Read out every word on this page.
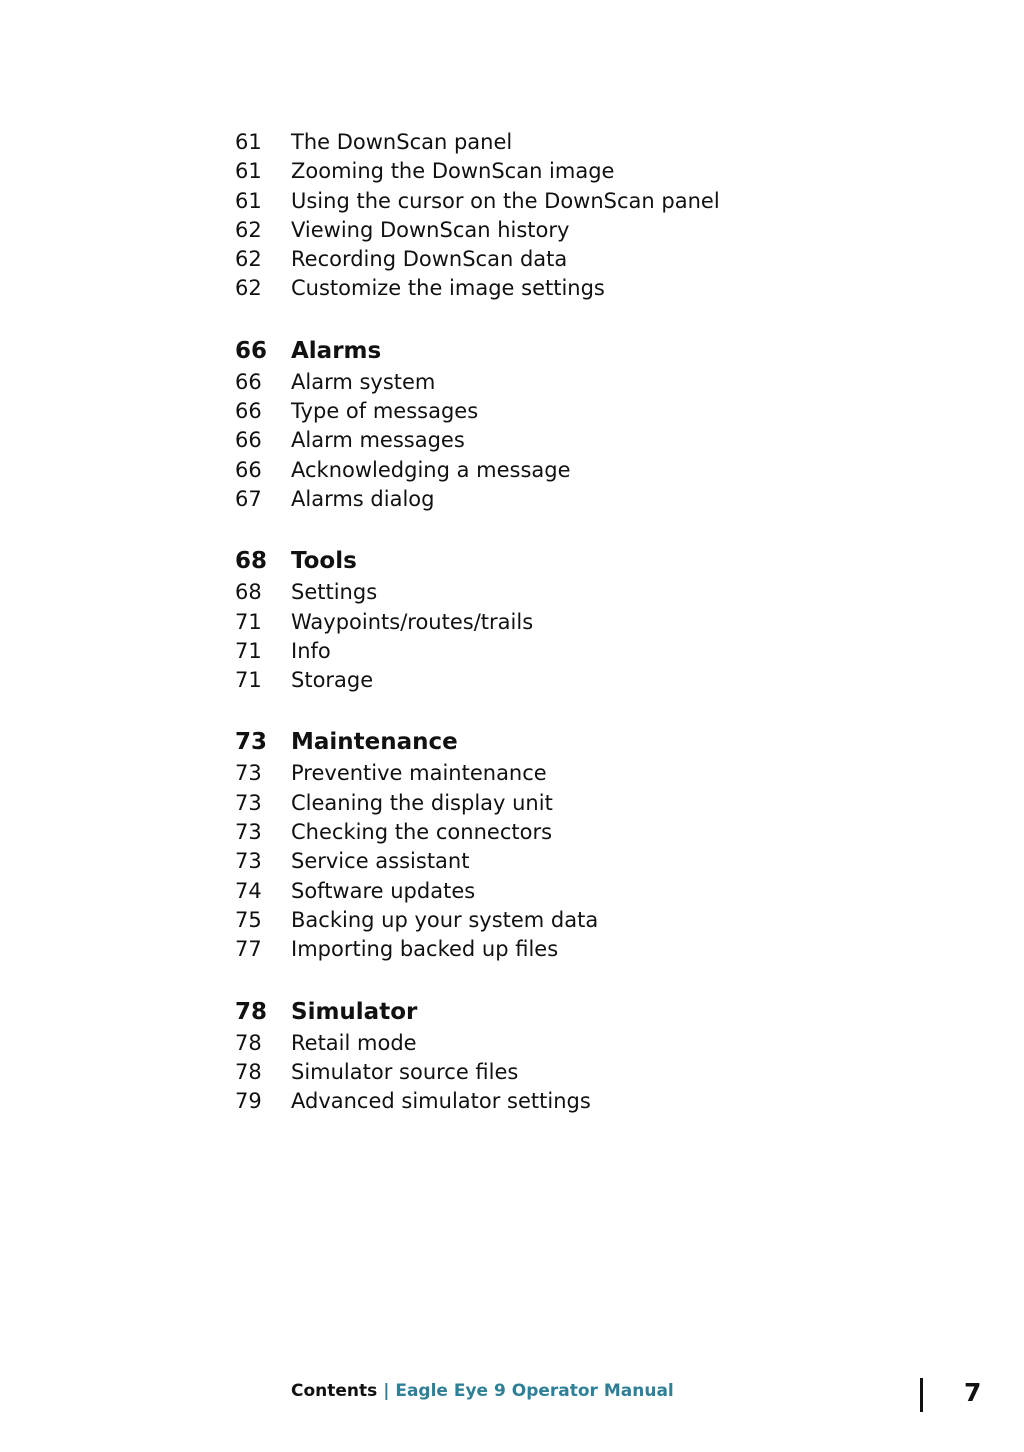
61	The DownScan panel
61	Zooming the DownScan image
61	Using the cursor on the DownScan panel
62	Viewing DownScan history
62	Recording DownScan data
62	Customize the image settings
66	Alarms
66	Alarm system
66	Type of messages
66	Alarm messages
66	Acknowledging a message
67	Alarms dialog
68	Tools
68	Settings
71	Waypoints/routes/trails
71	Info
71	Storage
73	Maintenance
73	Preventive maintenance
73	Cleaning the display unit
73	Checking the connectors
73	Service assistant
74	Software updates
75	Backing up your system data
77	Importing backed up files
78	Simulator
78	Retail mode
78	Simulator source files
79	Advanced simulator settings
Contents | Eagle Eye 9 Operator Manual	7
